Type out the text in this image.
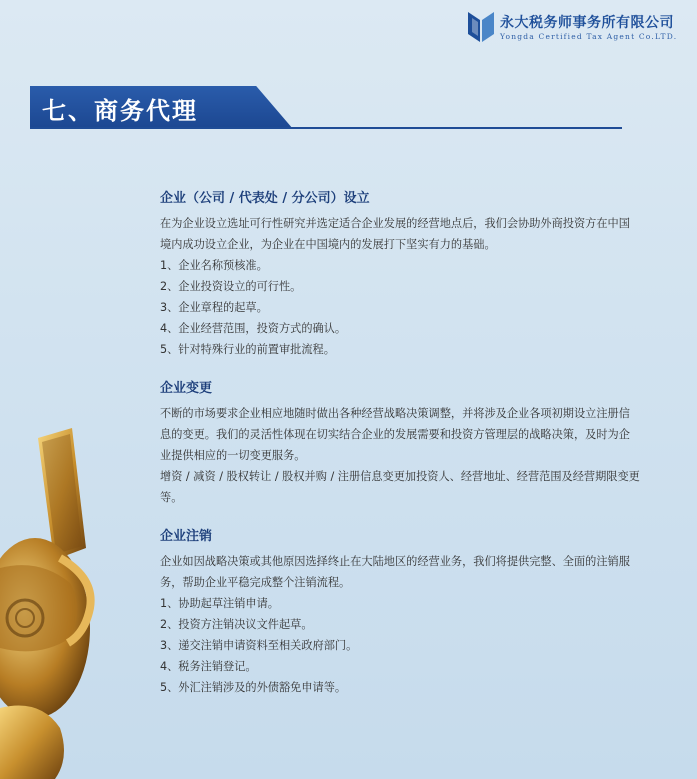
永大税务师事务所有限公司
Yongda Certified Tax Agent Co.LTD.
七、商务代理
企业（公司 / 代表处 / 分公司）设立

在为企业设立选址可行性研究并选定适合企业发展的经营地点后，我们会协助外商投资方在中国境内成功设立企业，为企业在中国境内的发展打下坚实有力的基础。

1、企业名称预核准。

2、企业投资设立的可行性。

3、企业章程的起草。

4、企业经营范围，投资方式的确认。

5、针对特殊行业的前置审批流程。

企业变更

不断的市场要求企业相应地随时做出各种经营战略决策调整，并将涉及企业各项初期设立注册信息的变更。我们的灵活性体现在切实结合企业的发展需要和投资方管理层的战略决策，及时为企业提供相应的一切变更服务。

增资 / 减资 / 股权转让 / 股权并购 / 注册信息变更加投资人、经营地址、经营范围及经营期限变更等。

企业注销

企业如因战略决策或其他原因选择终止在大陆地区的经营业务，我们将提供完整、全面的注销服务，帮助企业平稳完成整个注销流程。

1、协助起草注销申请。

2、投资方注销决议文件起草。

3、递交注销申请资料至相关政府部门。

4、税务注销登记。

5、外汇注销涉及的外债豁免申请等。
